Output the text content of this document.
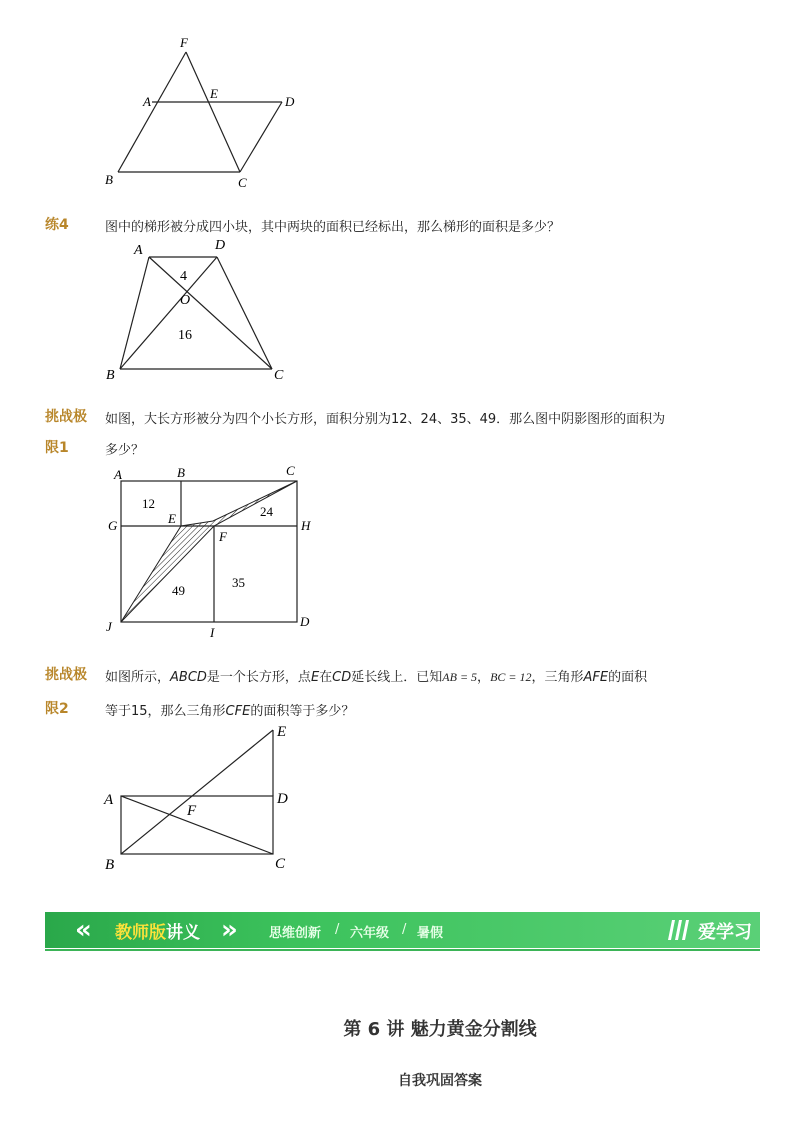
F
A
E
D
B	C
练4	图中的梯形被分成四小块，其中两块的面积已经标出，那么梯形的面积是多少？
A	D
O
B	C
4
16
挑战极
限1
如图，大长方形被分为四个小长方形，面积分别为12、24、35、49．那么图中阴影图形的面积为
多少？
A	B	C
G	E	H
F
J	I
D
12
24
49
35
挑战极
限2
如图所示，ABCD是一个长方形，点E在CD延长线上．已知AB = 5，BC = 12，三角形AFE的面积
等于15，那么三角形CFE的面积等于多少？
E
A
F
D
B	C
« 教师版讲义 » 思维创新 / 六年级 / 暑假	爱学习
第 6 讲 魅力黄金分割线
自我巩固答案
